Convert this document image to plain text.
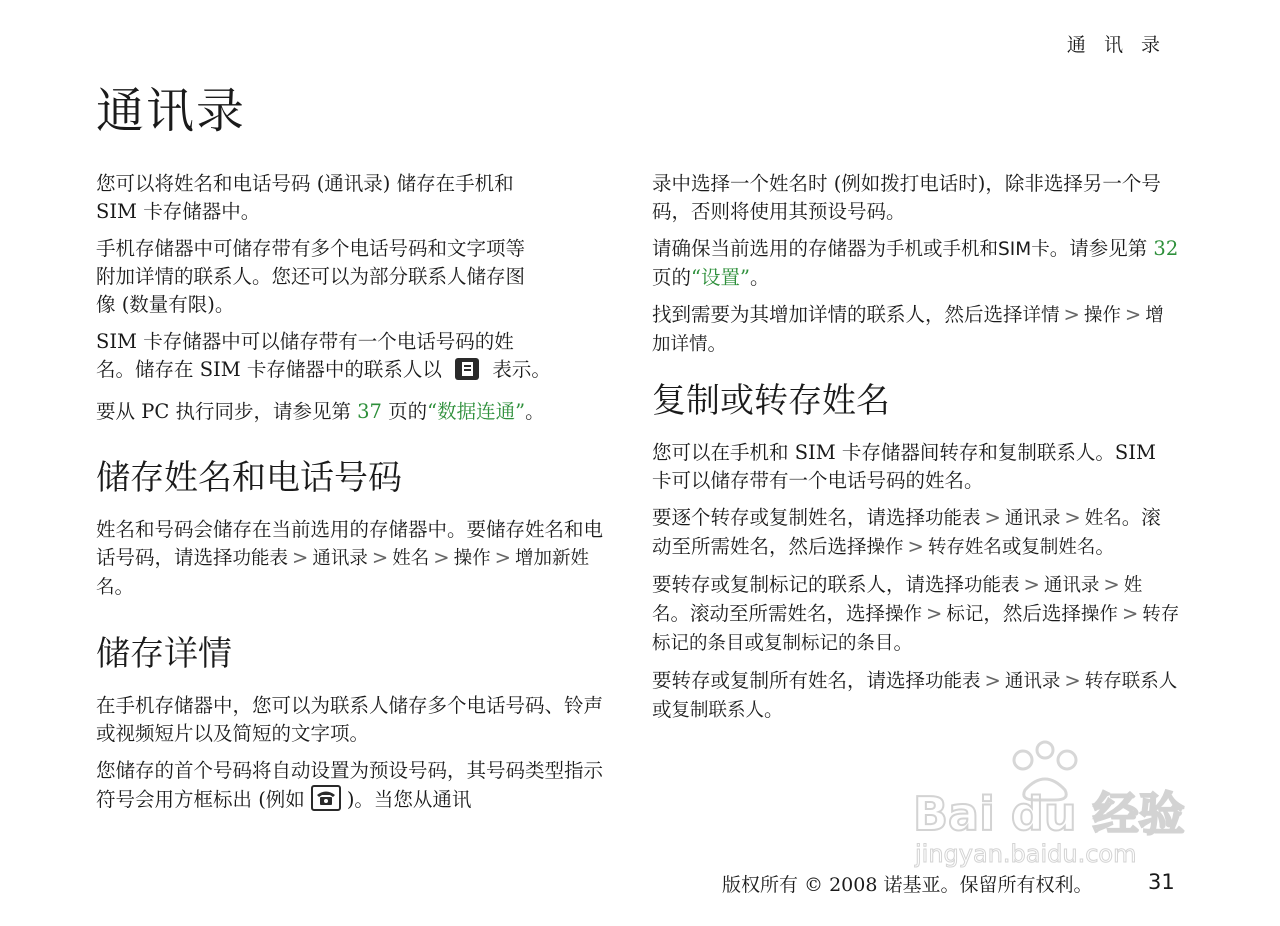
通 讯 录
通讯录

您可以将姓名和电话号码 (通讯录) 储存在手机和
SIM 卡存储器中。

手机存储器中可储存带有多个电话号码和文字项等
附加详情的联系人。您还可以为部分联系人储存图
像 (数量有限)。

SIM 卡存储器中可以储存带有一个电话号码的姓
名。储存在 SIM 卡存储器中的联系人以	表示。

要从 PC 执行同步，请参见第 37 页的“数据连通”。

储存姓名和电话号码

姓名和号码会储存在当前选用的存储器中。要储存姓名和电话号码，请选择功能表 > 通讯录 > 姓名 > 操作 > 增加新姓名。

储存详情

在手机存储器中，您可以为联系人储存多个电话号码、铃声或视频短片以及简短的文字项。

您储存的首个号码将自动设置为预设号码，其号码类型指示符号会用方框标出 (例如 )。当您从通讯

录中选择一个姓名时 (例如拨打电话时)，除非选择另一个号码，否则将使用其预设号码。

请确保当前选用的存储器为手机或手机和SIM卡。请参见第 32 页的“设置”。

找到需要为其增加详情的联系人，然后选择详情 > 操作 > 增加详情。

复制或转存姓名

您可以在手机和 SIM 卡存储器间转存和复制联系人。SIM 卡可以储存带有一个电话号码的姓名。

要逐个转存或复制姓名，请选择功能表 > 通讯录 > 姓名。滚动至所需姓名，然后选择操作 > 转存姓名或复制姓名。

要转存或复制标记的联系人，请选择功能表 > 通讯录 > 姓名。滚动至所需姓名，选择操作 > 标记，然后选择操作 > 转存标记的条目或复制标记的条目。

要转存或复制所有姓名，请选择功能表 > 通讯录 > 转存联系人或复制联系人。

Bai du 经验
jingyan.baidu.com
版权所有 © 2008 诺基亚。保留所有权利。	31
